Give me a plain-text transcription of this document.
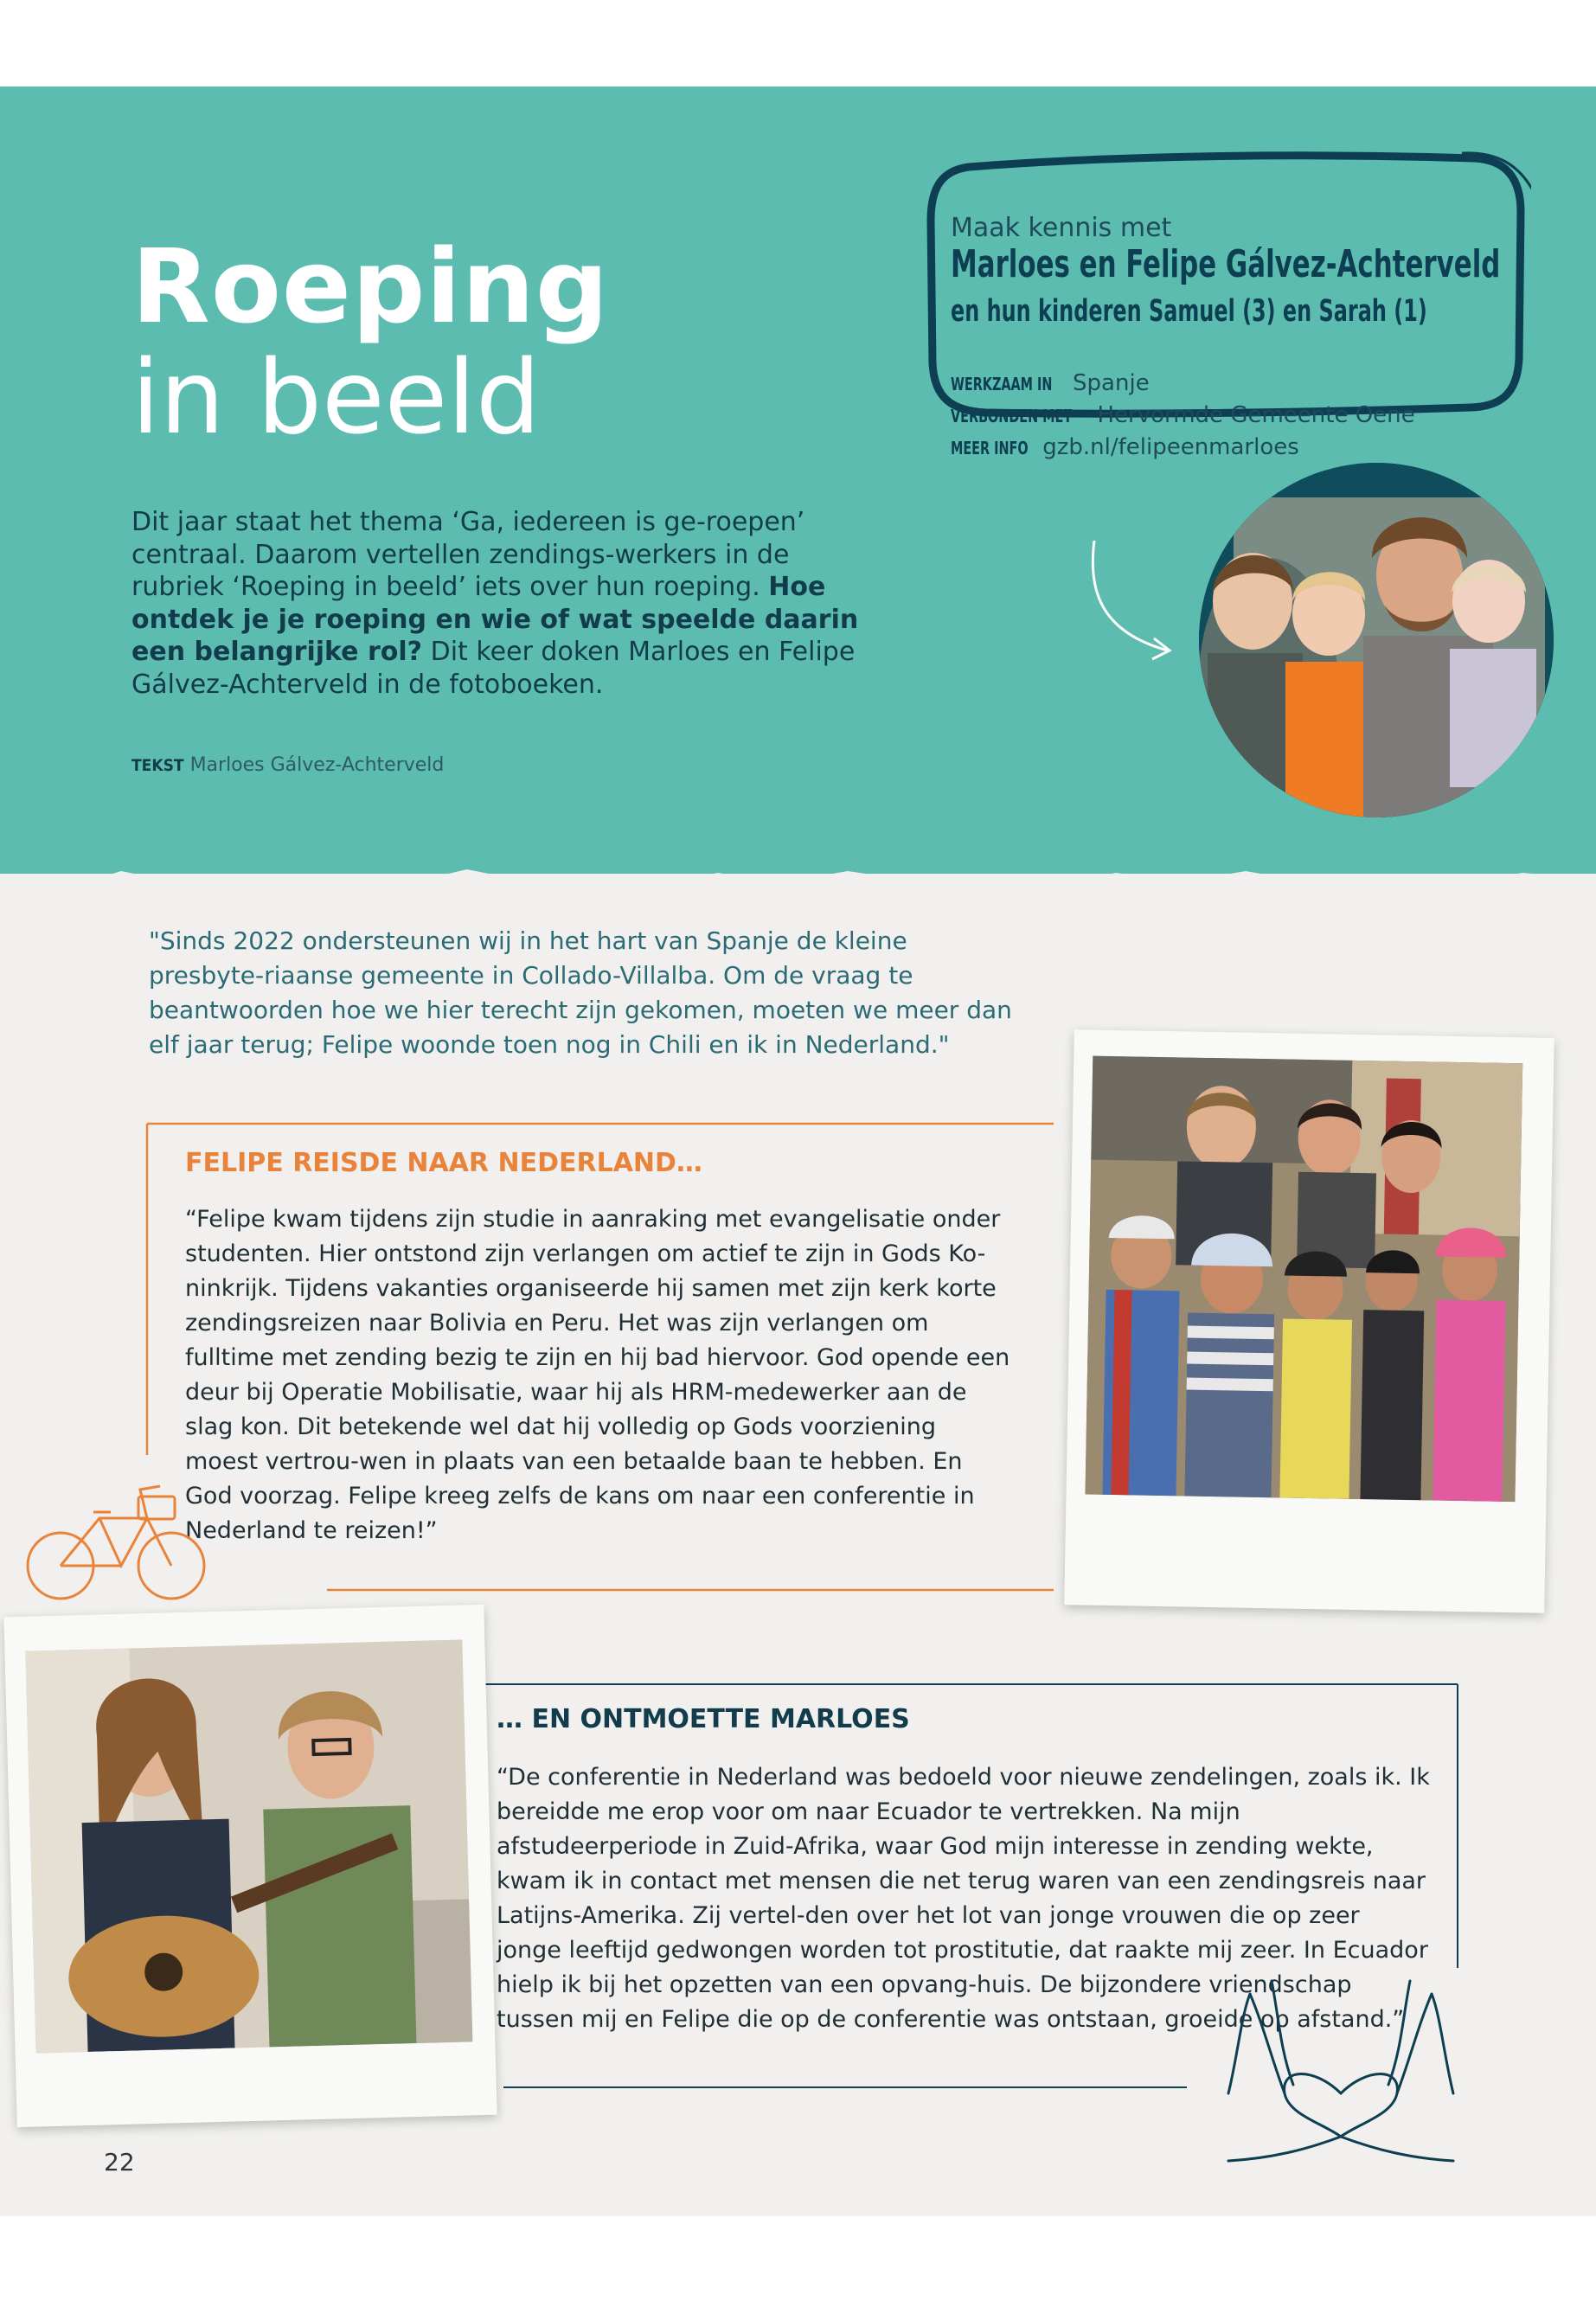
Roeping
in beeld
Dit jaar staat het thema ‘Ga, iedereen is ge-roepen’ centraal. Daarom vertellen zendings-werkers in de rubriek ‘Roeping in beeld’ iets over hun roeping. Hoe ontdek je je roeping en wie of wat speelde daarin een belangrijke rol? Dit keer doken Marloes en Felipe Gálvez-Achterveld in de fotoboeken.
TEKST Marloes Gálvez-Achterveld
Maak kennis met
Marloes en Felipe Gálvez-Achterveld
en hun kinderen Samuel (3) en Sarah (1)
WERKZAAM IN Spanje
VERBONDEN MET Hervormde Gemeente Oene
MEER INFO gzb.nl/felipeenmarloes
"Sinds 2022 ondersteunen wij in het hart van Spanje de kleine presbyte-riaanse gemeente in Collado-Villalba. Om de vraag te beantwoorden hoe we hier terecht zijn gekomen, moeten we meer dan elf jaar terug; Felipe woonde toen nog in Chili en ik in Nederland."
FELIPE REISDE NAAR NEDERLAND…
“Felipe kwam tijdens zijn studie in aanraking met evangelisatie onder studenten. Hier ontstond zijn verlangen om actief te zijn in Gods Ko-ninkrijk. Tijdens vakanties organiseerde hij samen met zijn kerk korte zendingsreizen naar Bolivia en Peru. Het was zijn verlangen om fulltime met zending bezig te zijn en hij bad hiervoor. God opende een deur bij Operatie Mobilisatie, waar hij als HRM-medewerker aan de slag kon. Dit betekende wel dat hij volledig op Gods voorziening moest vertrou-wen in plaats van een betaalde baan te hebben. En God voorzag. Felipe kreeg zelfs de kans om naar een conferentie in Nederland te reizen!”
… EN ONTMOETTE MARLOES
“De conferentie in Nederland was bedoeld voor nieuwe zendelingen, zoals ik. Ik bereidde me erop voor om naar Ecuador te vertrekken. Na mijn afstudeerperiode in Zuid-Afrika, waar God mijn interesse in zending wekte, kwam ik in contact met mensen die net terug waren van een zendingsreis naar Latijns-Amerika. Zij vertel-den over het lot van jonge vrouwen die op zeer jonge leeftijd gedwongen worden tot prostitutie, dat raakte mij zeer. In Ecuador hielp ik bij het opzetten van een opvang-huis. De bijzondere vriendschap tussen mij en Felipe die op de conferentie was ontstaan, groeide op afstand.”
22
